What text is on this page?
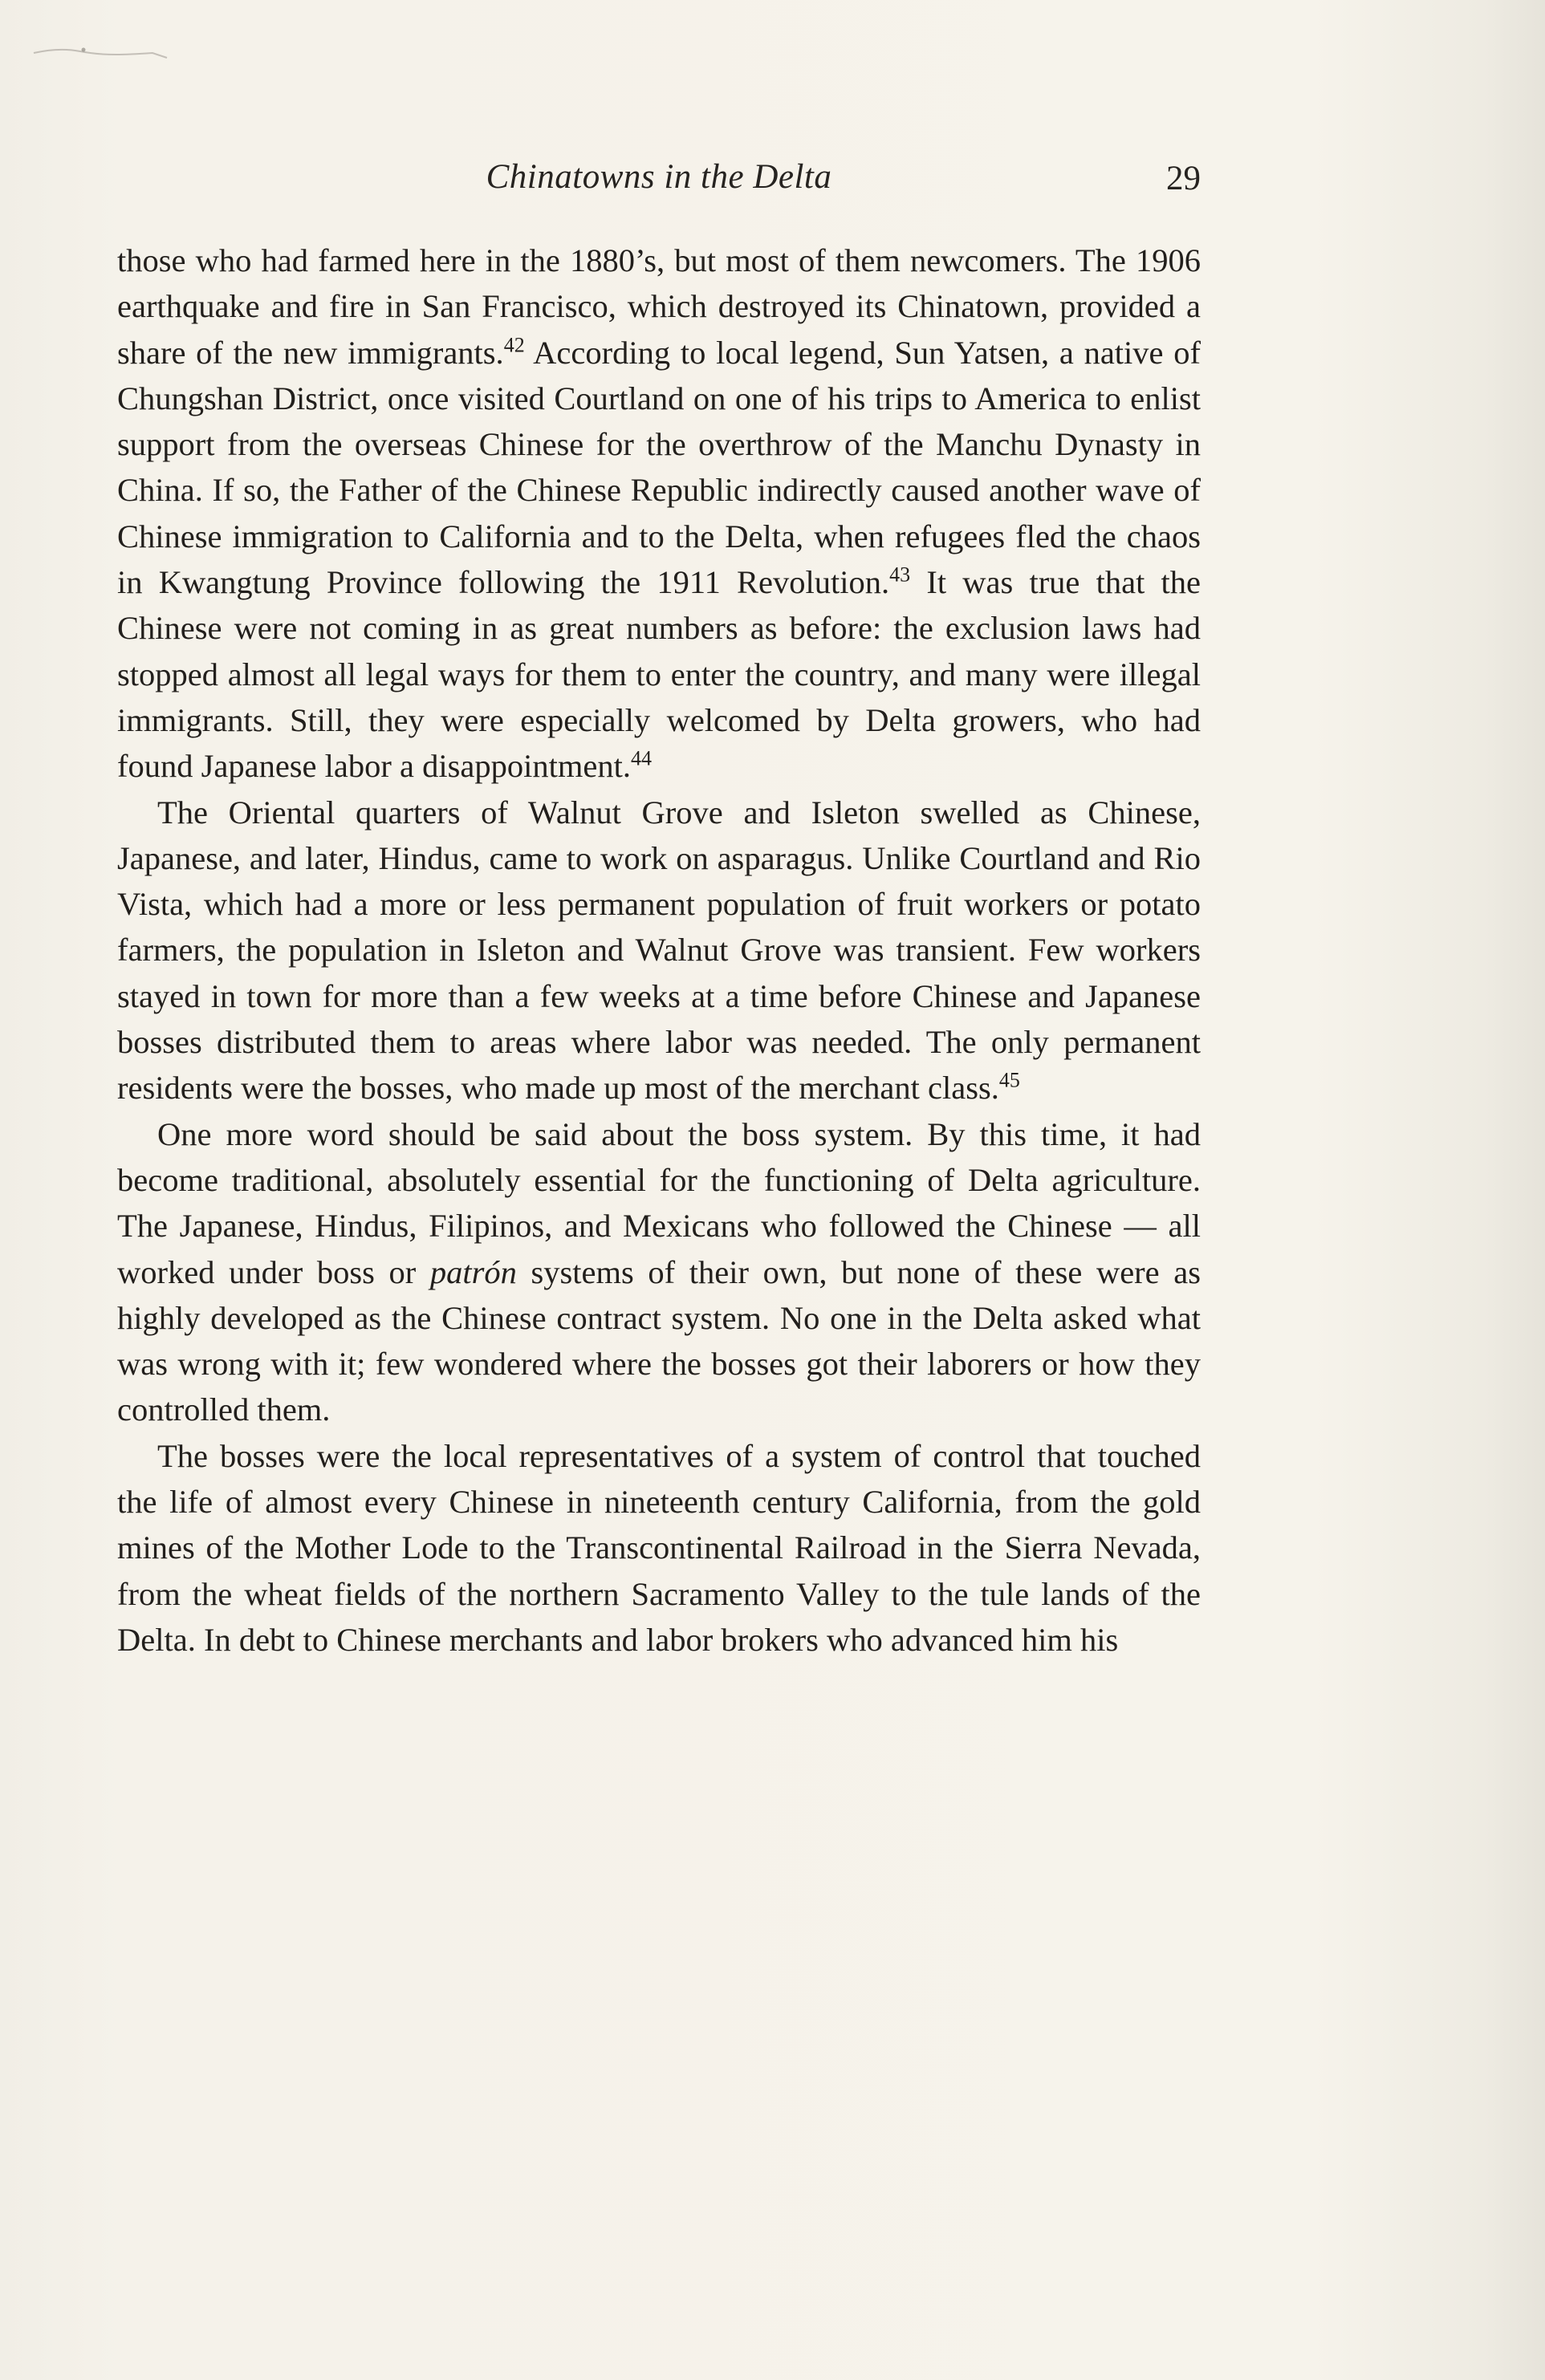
Chinatowns in the Delta	29

those who had farmed here in the 1880’s, but most of them newcomers. The 1906 earthquake and fire in San Francisco, which destroyed its Chinatown, provided a share of the new immigrants.$^{42}$ According to local legend, Sun Yatsen, a native of Chungshan District, once visited Courtland on one of his trips to America to enlist support from the overseas Chinese for the overthrow of the Manchu Dynasty in China. If so, the Father of the Chinese Republic indirectly caused another wave of Chinese immigration to California and to the Delta, when refugees fled the chaos in Kwangtung Province following the 1911 Revolution.$^{43}$ It was true that the Chinese were not coming in as great numbers as before: the exclusion laws had stopped almost all legal ways for them to enter the country, and many were illegal immigrants. Still, they were especially welcomed by Delta growers, who had found Japanese labor a disappointment.$^{44}$

The Oriental quarters of Walnut Grove and Isleton swelled as Chinese, Japanese, and later, Hindus, came to work on asparagus. Unlike Courtland and Rio Vista, which had a more or less permanent population of fruit workers or potato farmers, the population in Isleton and Walnut Grove was transient. Few workers stayed in town for more than a few weeks at a time before Chinese and Japanese bosses distributed them to areas where labor was needed. The only permanent residents were the bosses, who made up most of the merchant class.$^{45}$

One more word should be said about the boss system. By this time, it had become traditional, absolutely essential for the functioning of Delta agriculture. The Japanese, Hindus, Filipinos, and Mexicans who followed the Chinese — all worked under boss or patrón systems of their own, but none of these were as highly developed as the Chinese contract system. No one in the Delta asked what was wrong with it; few wondered where the bosses got their laborers or how they controlled them.

The bosses were the local representatives of a system of control that touched the life of almost every Chinese in nineteenth century California, from the gold mines of the Mother Lode to the Transcontinental Railroad in the Sierra Nevada, from the wheat fields of the northern Sacramento Valley to the tule lands of the Delta. In debt to Chinese merchants and labor brokers who advanced him his
